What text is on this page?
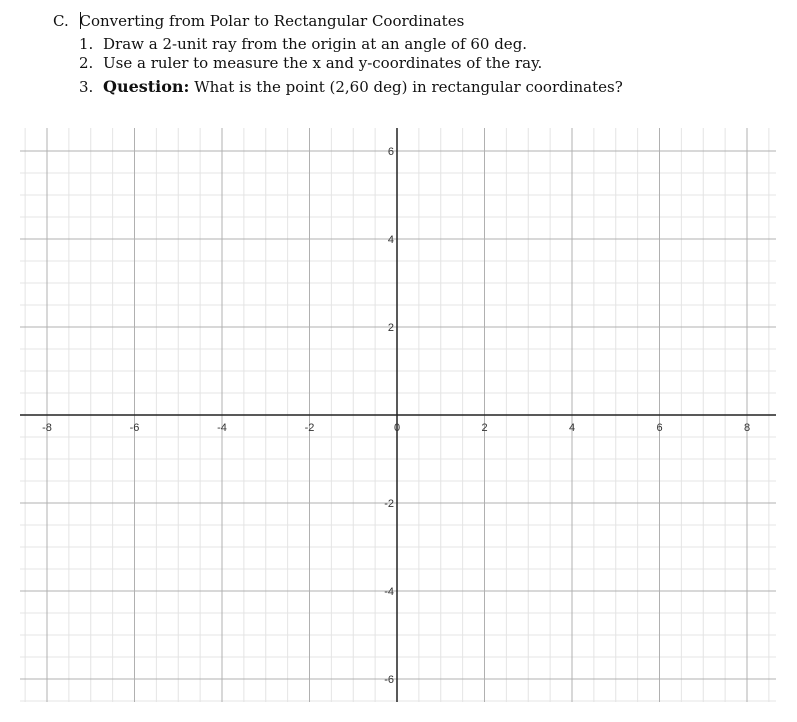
C. Converting from Polar to Rectangular Coordinates
1. Draw a 2-unit ray from the origin at an angle of 60 deg.
2. Use a ruler to measure the x and y-coordinates of the ray.
3. Question: What is the point (2,60 deg) in rectangular coordinates?
-8	-6	-4	-2	0	2	4	6	8
6
4
2
-2
-4
-6
